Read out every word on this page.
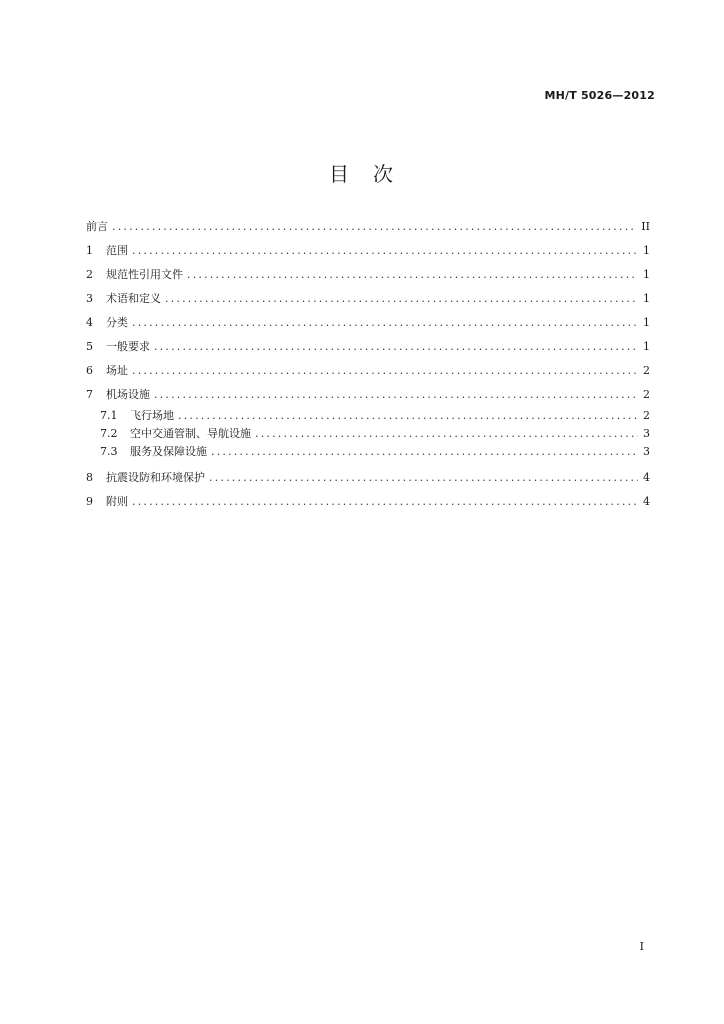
MH/T 5026—2012
目　次
前言 .....	II
1	范围 .....	1
2	规范性引用文件 .....	1
3	术语和定义 .....	1
4	分类 .....	1
5	一般要求 .....	1
6	场址 .....	2
7	机场设施 .....	2
7.1	飞行场地 .....	2
7.2	空中交通管制、导航设施 .....	3
7.3	服务及保障设施 .....	3
8	抗震设防和环境保护 .....	4
9	附则 .....	4
I
